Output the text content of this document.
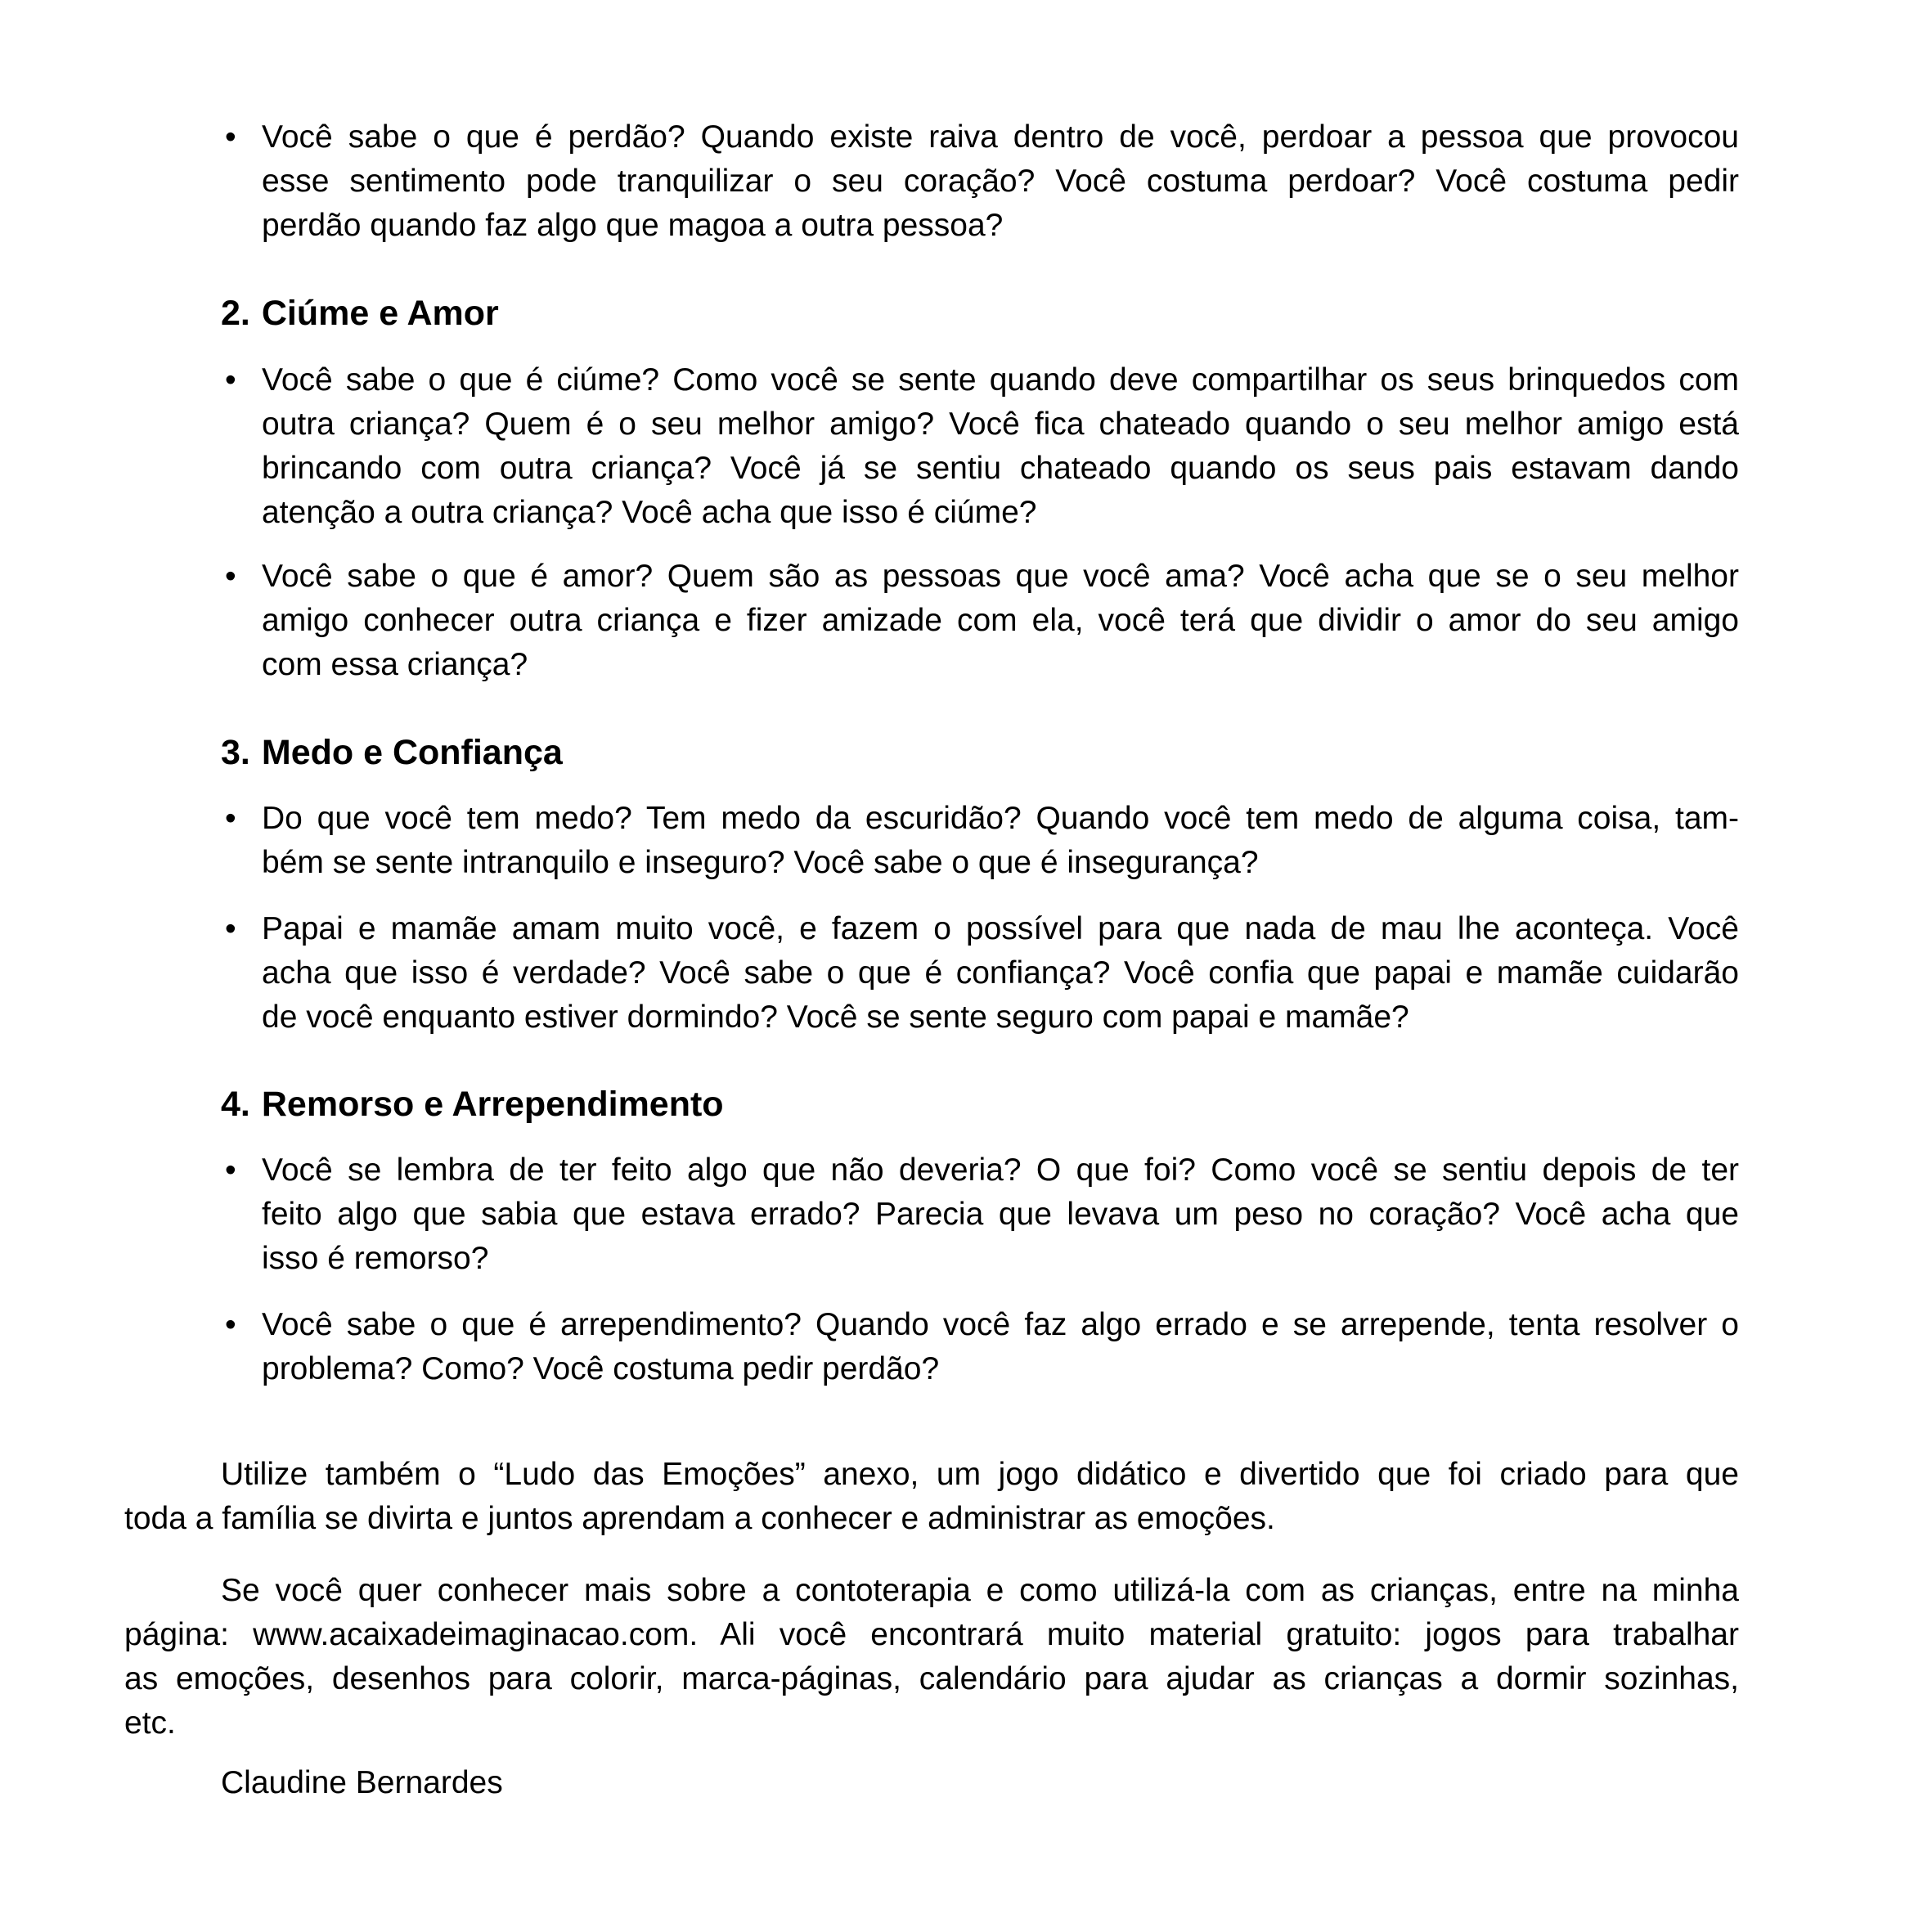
• Você sabe o que é perdão? Quando existe raiva dentro de você, perdoar a pessoa que provocou
esse sentimento pode tranquilizar o seu coração? Você costuma perdoar? Você costuma pedir
perdão quando faz algo que magoa a outra pessoa?
2. Ciúme e Amor
• Você sabe o que é ciúme? Como você se sente quando deve compartilhar os seus brinquedos com
outra criança? Quem é o seu melhor amigo? Você fica chateado quando o seu melhor amigo está
brincando com outra criança? Você já se sentiu chateado quando os seus pais estavam dando
atenção a outra criança? Você acha que isso é ciúme?
• Você sabe o que é amor? Quem são as pessoas que você ama? Você acha que se o seu melhor
amigo conhecer outra criança e fizer amizade com ela, você terá que dividir o amor do seu amigo
com essa criança?
3. Medo e Confiança
• Do que você tem medo? Tem medo da escuridão? Quando você tem medo de alguma coisa, tam-
bém se sente intranquilo e inseguro? Você sabe o que é insegurança?
• Papai e mamãe amam muito você, e fazem o possível para que nada de mau lhe aconteça. Você
acha que isso é verdade? Você sabe o que é confiança? Você confia que papai e mamãe cuidarão
de você enquanto estiver dormindo? Você se sente seguro com papai e mamãe?
4. Remorso e Arrependimento
• Você se lembra de ter feito algo que não deveria? O que foi? Como você se sentiu depois de ter
feito algo que sabia que estava errado? Parecia que levava um peso no coração? Você acha que
isso é remorso?
• Você sabe o que é arrependimento? Quando você faz algo errado e se arrepende, tenta resolver o
problema? Como? Você costuma pedir perdão?
Utilize também o “Ludo das Emoções” anexo, um jogo didático e divertido que foi criado para que
toda a família se divirta e juntos aprendam a conhecer e administrar as emoções.
Se você quer conhecer mais sobre a contoterapia e como utilizá-la com as crianças, entre na minha
página: www.acaixadeimaginacao.com. Ali você encontrará muito material gratuito: jogos para trabalhar
as emoções, desenhos para colorir, marca-páginas, calendário para ajudar as crianças a dormir sozinhas,
etc.
Claudine Bernardes
